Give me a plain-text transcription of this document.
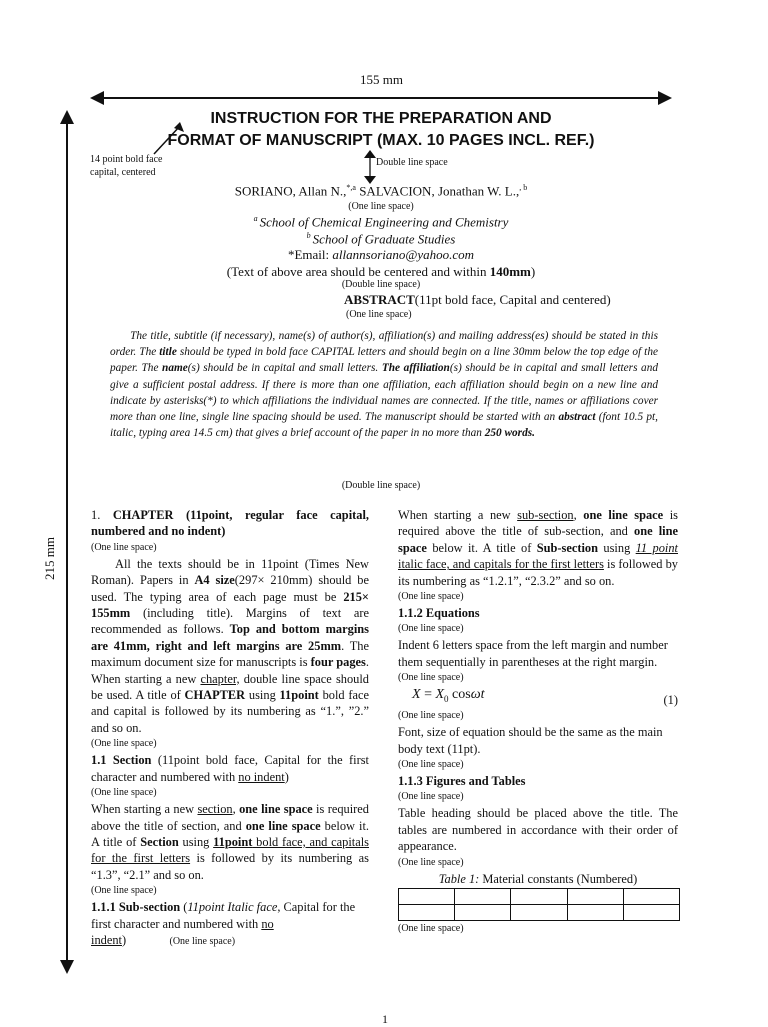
155 mm
215 mm
INSTRUCTION FOR THE PREPARATION AND
FORMAT OF MANUSCRIPT (MAX. 10 PAGES INCL. REF.)
14 point bold face
capital, centered
Double line space
SORIANO, Allan N.,$^{*,a}$ SALVACION, Jonathan W. L.,$^{, b}$
(One line space)
$^a$ School of Chemical Engineering and Chemistry
$^b$ School of Graduate Studies
*Email: allannsoriano@yahoo.com
(Text of above area should be centered and within 140mm)
(Double line space)
ABSTRACT(11pt bold face, Capital and centered)
(One line space)
The title, subtitle (if necessary), name(s) of author(s), affiliation(s) and mailing address(es) should be stated in this order. The title should be typed in bold face CAPITAL letters and should begin on a line 30mm below the top edge of the paper. The name(s) should be in capital and small letters. The affiliation(s) should be in capital and small letters and give a sufficient postal address. If there is more than one affiliation, each affiliation should begin on a new line and indicate by asterisks(*) to which affiliations the individual names are connected. If the title, names or affiliations cover more than one line, single line spacing should be used. The manuscript should be started with an abstract (font 10.5 pt, italic, typing area 14.5 cm) that gives a brief account of the paper in no more than 250 words.
(Double line space)

1. CHAPTER (11point, regular face capital, numbered and no indent)

(One line space)

All the texts should be in 11point (Times New Roman). Papers in A4 size(297× 210mm) should be used. The typing area of each page must be 215× 155mm (including title). Margins of text are recommended as follows. Top and bottom margins are 41mm, right and left margins are 25mm. The maximum document size for manuscripts is four pages. When starting a new chapter, double line space should be used. A title of CHAPTER using 11point bold face and capital is followed by its numbering as “1.”, ”2.” and so on.

(One line space)

1.1 Section (11point bold face, Capital for the first character and numbered with no indent)

(One line space)

When starting a new section, one line space is required above the title of section, and one line space below it. A title of Section using 11point bold face, and capitals for the first letters is followed by its numbering as “1.3”, “2.1” and so on.

(One line space)

1.1.1 Sub-section (11point Italic face, Capital for the first character and numbered with no indent)	(One line space)

When starting a new sub-section, one line space is required above the title of sub-section, and one line space below it. A title of Sub-section using 11 point italic face, and capitals for the first letters is followed by its numbering as “1.2.1”, “2.3.2” and so on.

(One line space)

1.1.2 Equations

(One line space)

Indent 6 letters space from the left margin and number them sequentially in parentheses at the right margin.

(One line space)

$X = X_0$ cosωt	(1)

(One line space)

Font, size of equation should be the same as the main body text (11pt).

(One line space)

1.1.3 Figures and Tables

(One line space)

Table heading should be placed above the title. The tables are numbered in accordance with their order of appearance.

(One line space)

Table 1: Material constants (Numbered)

(One line space)

1
